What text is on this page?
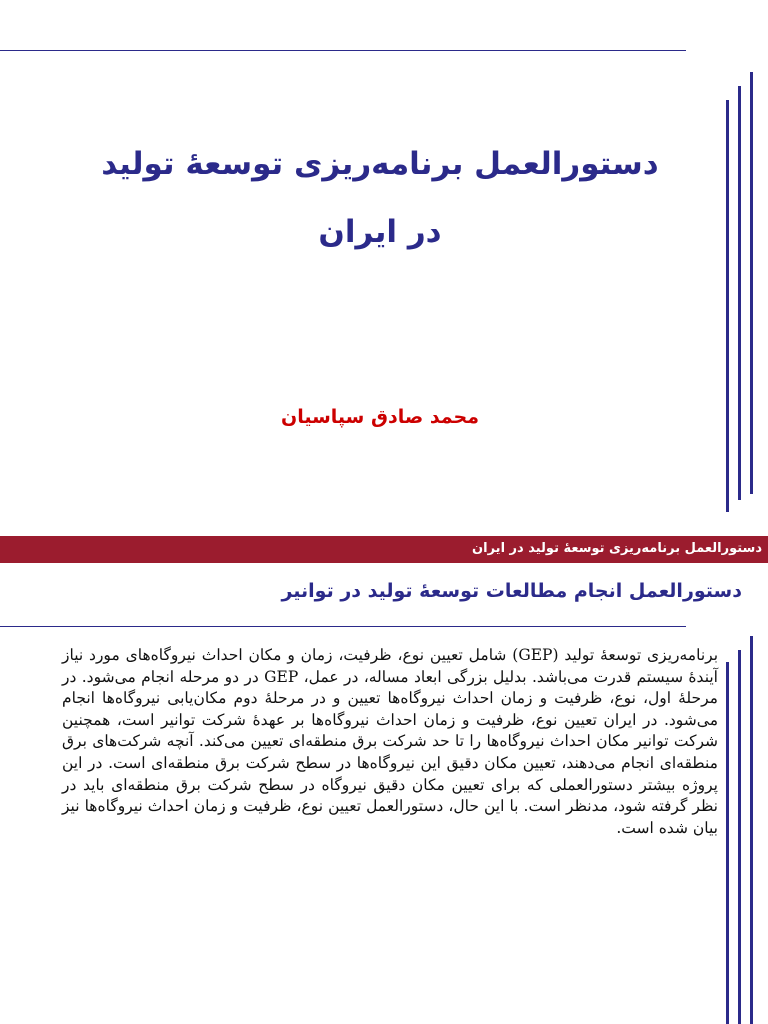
دستورالعمل برنامه‌ریزی توسعۀ تولید
در ایران
محمد صادق سپاسیان
دستورالعمل برنامه‌ریزی توسعۀ تولید در ایران
دستورالعمل انجام مطالعات توسعۀ تولید در توانیر
برنامه‌ریزی توسعۀ تولید (GEP) شامل تعیین نوع، ظرفیت، زمان و مکان احداث نیروگاه‌های مورد نیاز آیندۀ سیستم قدرت می‌باشد. بدلیل بزرگی ابعاد مساله، در عمل، GEP در دو مرحله انجام می‌شود. در مرحلۀ اول، نوع، ظرفیت و زمان احداث نیروگاه‌ها تعیین و در مرحلۀ دوم مکان‌یابی نیروگاه‌ها انجام می‌شود. در ایران تعیین نوع، ظرفیت و زمان احداث نیروگاه‌ها بر عهدۀ شرکت توانیر است، همچنین شرکت توانیر مکان احداث نیروگاه‌ها را تا حد شرکت برق منطقه‌ای تعیین می‌کند. آنچه شرکت‌های برق منطقه‌ای انجام می‌دهند، تعیین مکان دقیق این نیروگاه‌ها در سطح شرکت برق منطقه‌ای است. در این پروژه بیشتر دستورالعملی که برای تعیین مکان دقیق نیروگاه در سطح شرکت برق منطقه‌ای باید در نظر گرفته شود، مدنظر است. با این حال، دستورالعمل تعیین نوع، ظرفیت و زمان احداث نیروگاه‌ها نیز بیان شده است.
